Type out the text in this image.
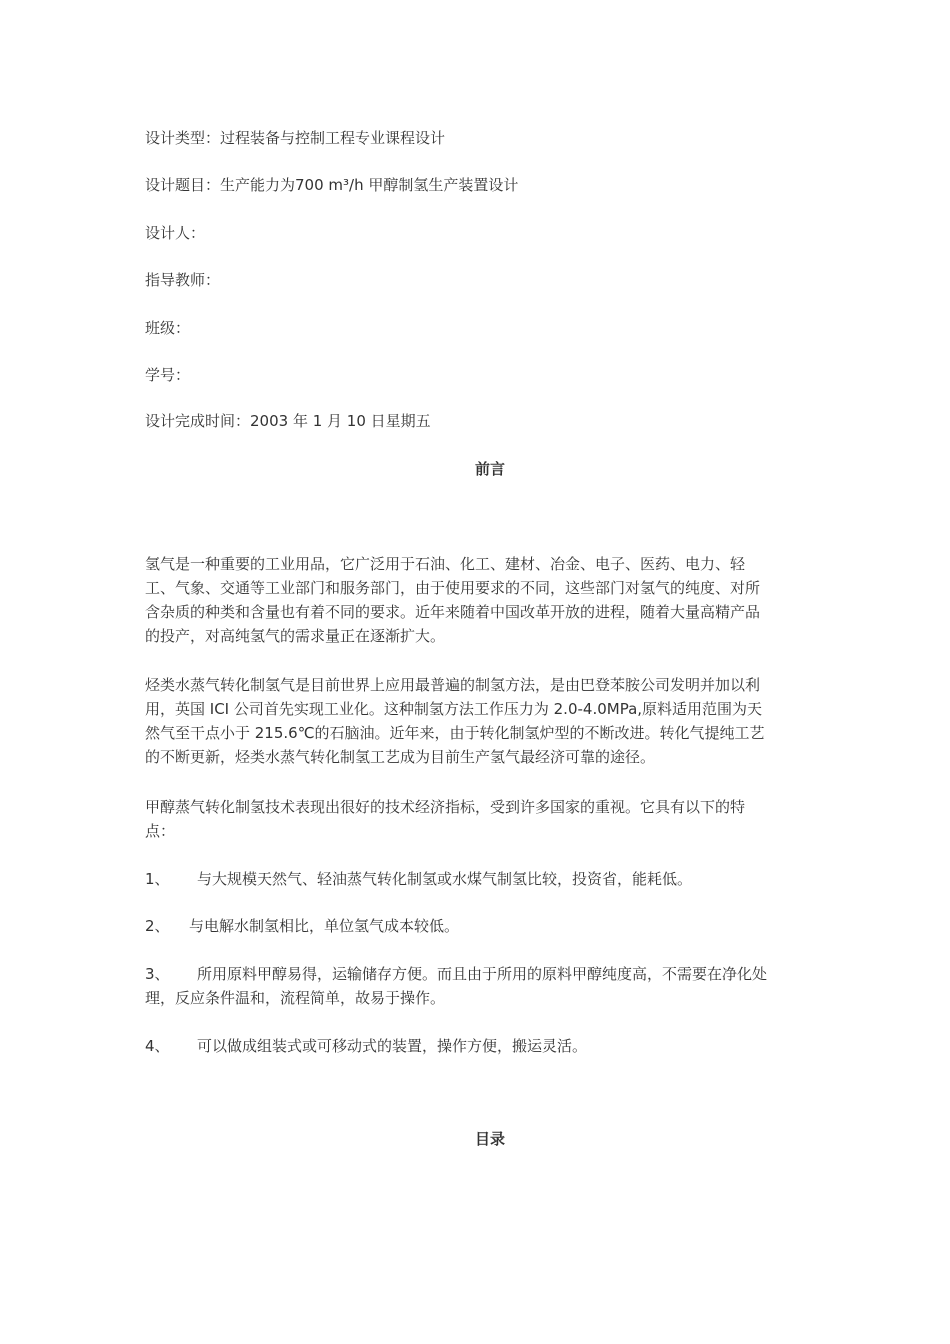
设计类型：过程装备与控制工程专业课程设计
设计题目：生产能力为700 m³/h 甲醇制氢生产装置设计
设计人：
指导教师：
班级：
学号：
设计完成时间：2003 年 1 月 10 日星期五
前言
氢气是一种重要的工业用品，它广泛用于石油、化工、建材、冶金、电子、医药、电力、轻
工、气象、交通等工业部门和服务部门，由于使用要求的不同，这些部门对氢气的纯度、对所
含杂质的种类和含量也有着不同的要求。近年来随着中国改革开放的进程，随着大量高精产品
的投产，对高纯氢气的需求量正在逐渐扩大。
烃类水蒸气转化制氢气是目前世界上应用最普遍的制氢方法，是由巴登苯胺公司发明并加以利
用，英国 ICI 公司首先实现工业化。这种制氢方法工作压力为 2.0-4.0MPa,原料适用范围为天
然气至干点小于 215.6℃的石脑油。近年来，由于转化制氢炉型的不断改进。转化气提纯工艺
的不断更新，烃类水蒸气转化制氢工艺成为目前生产氢气最经济可靠的途径。
甲醇蒸气转化制氢技术表现出很好的技术经济指标，受到许多国家的重视。它具有以下的特
点：
1、 与大规模天然气、轻油蒸气转化制氢或水煤气制氢比较，投资省，能耗低。
2、 与电解水制氢相比，单位氢气成本较低。
3、 所用原料甲醇易得，运输储存方便。而且由于所用的原料甲醇纯度高，不需要在净化处
理，反应条件温和，流程简单，故易于操作。
4、 可以做成组装式或可移动式的装置，操作方便，搬运灵活。
目录
